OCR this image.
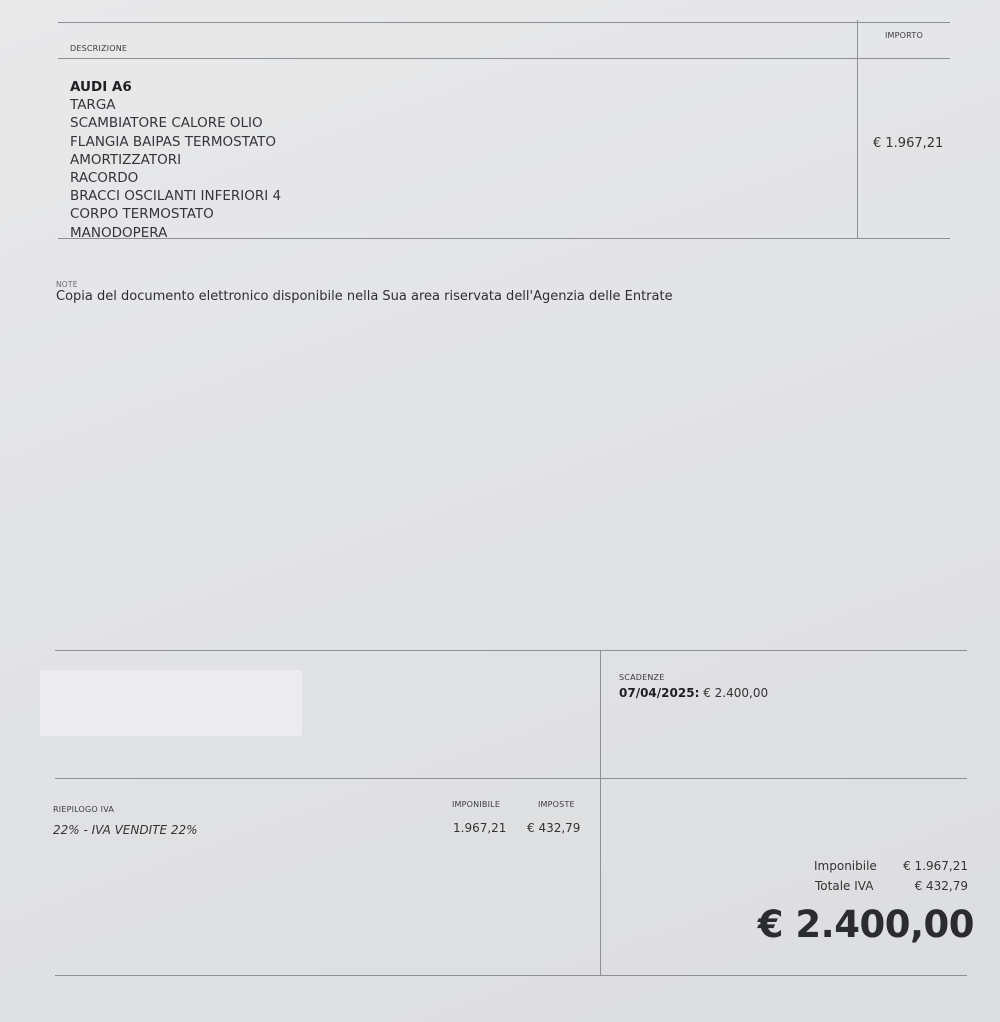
DESCRIZIONE
IMPORTO
AUDI A6
TARGA
SCAMBIATORE CALORE OLIO
FLANGIA BAIPAS TERMOSTATO
AMORTIZZATORI
RACORDO
BRACCI OSCILANTI INFERIORI 4
CORPO TERMOSTATO
MANODOPERA
€ 1.967,21
NOTE
Copia del documento elettronico disponibile nella Sua area riservata dell'Agenzia delle Entrate
SCADENZE
07/04/2025: € 2.400,00
RIEPILOGO IVA
IMPONIBILE	IMPOSTE
22% - IVA VENDITE 22%	1.967,21 € 432,79
Imponibile € 1.967,21
Totale IVA	€ 432,79
€ 2.400,00
